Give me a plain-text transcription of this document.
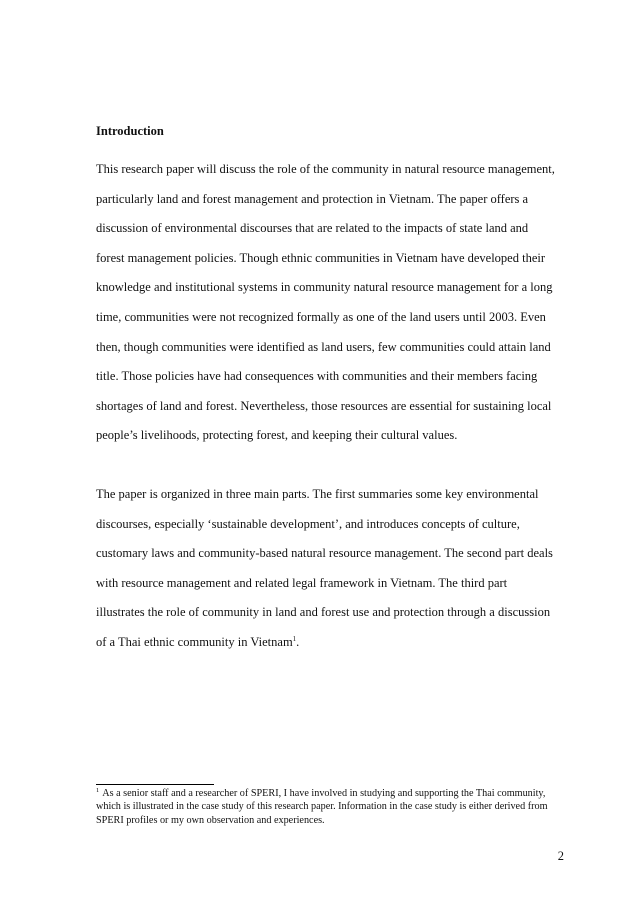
Introduction

This research paper will discuss the role of the community in natural resource management, particularly land and forest management and protection in Vietnam. The paper offers a discussion of environmental discourses that are related to the impacts of state land and forest management policies. Though ethnic communities in Vietnam have developed their knowledge and institutional systems in community natural resource management for a long time, communities were not recognized formally as one of the land users until 2003. Even then, though communities were identified as land users, few communities could attain land title. Those policies have had consequences with communities and their members facing shortages of land and forest. Nevertheless, those resources are essential for sustaining local people’s livelihoods, protecting forest, and keeping their cultural values.

The paper is organized in three main parts. The first summaries some key environmental discourses, especially ‘sustainable development’, and introduces concepts of culture, customary laws and community-based natural resource management. The second part deals with resource management and related legal framework in Vietnam. The third part illustrates the role of community in land and forest use and protection through a discussion of a Thai ethnic community in Vietnam$^1$.

$^1$ As a senior staff and a researcher of SPERI, I have involved in studying and supporting the Thai community, which is illustrated in the case study of this research paper. Information in the case study is either derived from SPERI profiles or my own observation and experiences.

2
